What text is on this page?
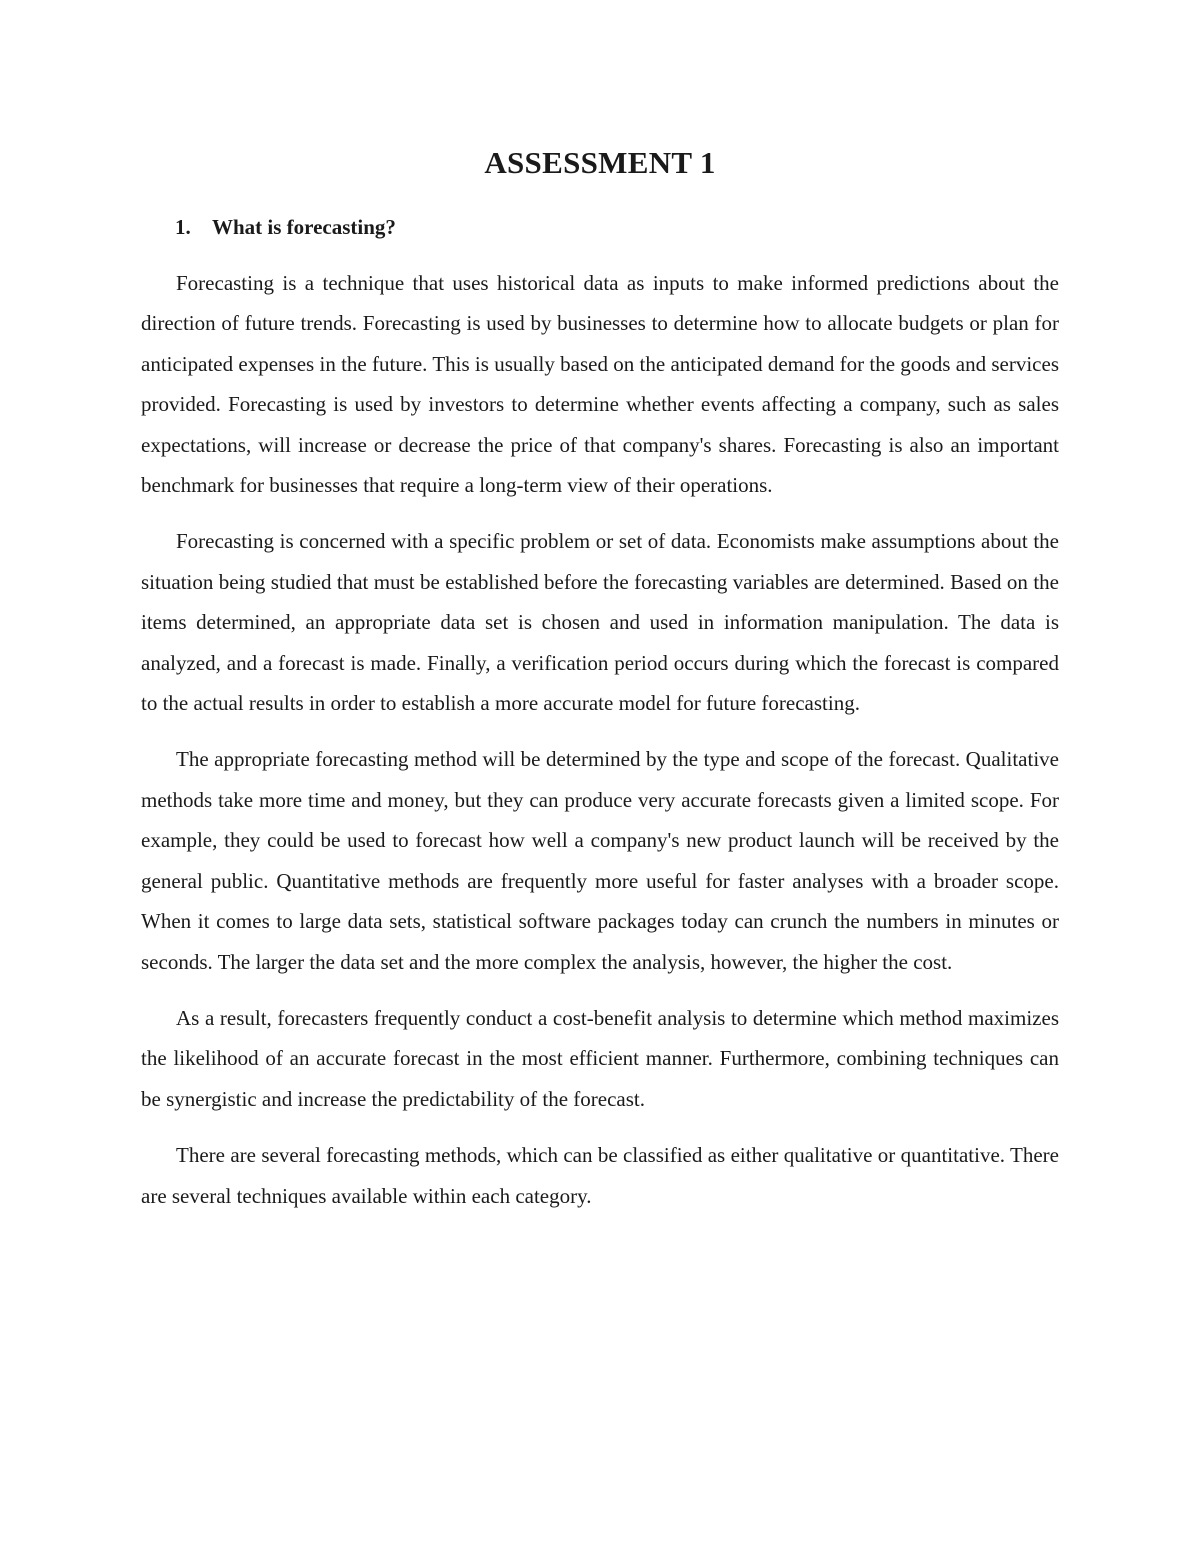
ASSESSMENT 1

1. What is forecasting?

Forecasting is a technique that uses historical data as inputs to make informed predictions about the direction of future trends. Forecasting is used by businesses to determine how to allocate budgets or plan for anticipated expenses in the future. This is usually based on the anticipated demand for the goods and services provided. Forecasting is used by investors to determine whether events affecting a company, such as sales expectations, will increase or decrease the price of that company's shares. Forecasting is also an important benchmark for businesses that require a long-term view of their operations.

Forecasting is concerned with a specific problem or set of data. Economists make assumptions about the situation being studied that must be established before the forecasting variables are determined. Based on the items determined, an appropriate data set is chosen and used in information manipulation. The data is analyzed, and a forecast is made. Finally, a verification period occurs during which the forecast is compared to the actual results in order to establish a more accurate model for future forecasting.

The appropriate forecasting method will be determined by the type and scope of the forecast. Qualitative methods take more time and money, but they can produce very accurate forecasts given a limited scope. For example, they could be used to forecast how well a company's new product launch will be received by the general public. Quantitative methods are frequently more useful for faster analyses with a broader scope. When it comes to large data sets, statistical software packages today can crunch the numbers in minutes or seconds. The larger the data set and the more complex the analysis, however, the higher the cost.

As a result, forecasters frequently conduct a cost-benefit analysis to determine which method maximizes the likelihood of an accurate forecast in the most efficient manner. Furthermore, combining techniques can be synergistic and increase the predictability of the forecast.

There are several forecasting methods, which can be classified as either qualitative or quantitative. There are several techniques available within each category.
